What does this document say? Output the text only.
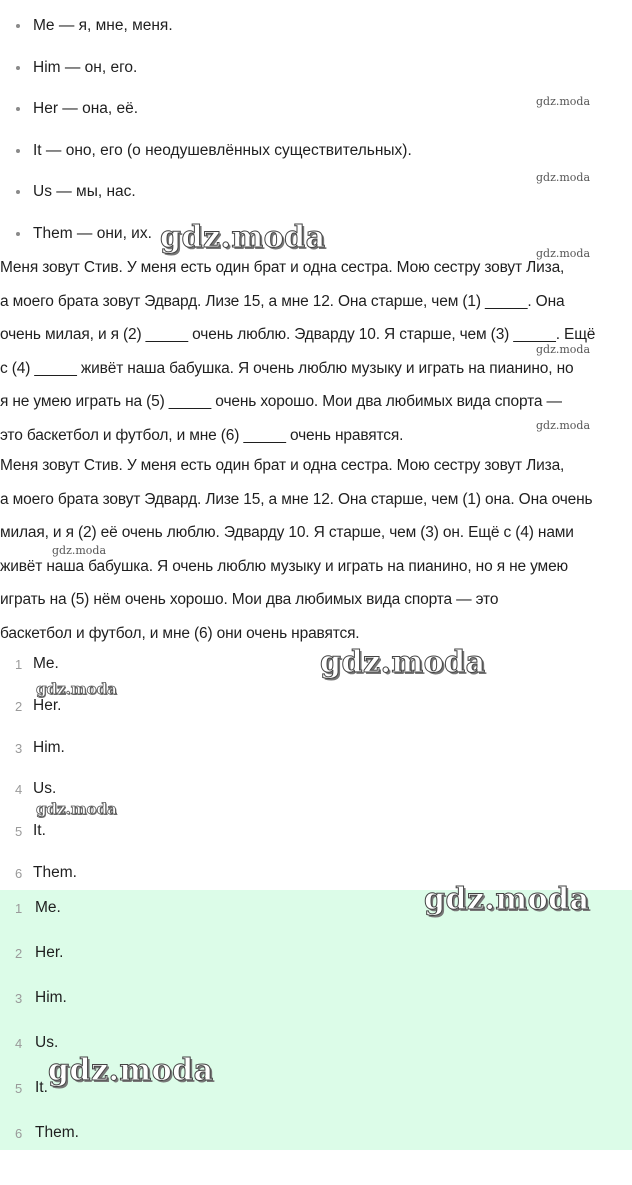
Me — я, мне, меня.
Him — он, его.
Her — она, её.
It — оно, его (о неодушевлённых существительных).
Us — мы, нас.
Them — они, их.
Меня зовут Стив. У меня есть один брат и одна сестра. Мою сестру зовут Лиза,
а моего брата зовут Эдвард. Лизе 15, а мне 12. Она старше, чем (1) _____. Она
очень милая, и я (2) _____ очень люблю. Эдварду 10. Я старше, чем (3) _____. Ещё
с (4) _____ живёт наша бабушка. Я очень люблю музыку и играть на пианино, но
я не умею играть на (5) _____ очень хорошо. Мои два любимых вида спорта —
это баскетбол и футбол, и мне (6) _____ очень нравятся.
Меня зовут Стив. У меня есть один брат и одна сестра. Мою сестру зовут Лиза,
а моего брата зовут Эдвард. Лизе 15, а мне 12. Она старше, чем (1) она. Она очень
милая, и я (2) её очень люблю. Эдварду 10. Я старше, чем (3) он. Ещё с (4) нами
живёт наша бабушка. Я очень люблю музыку и играть на пианино, но я не умею
играть на (5) нём очень хорошо. Мои два любимых вида спорта — это
баскетбол и футбол, и мне (6) они очень нравятся.
1 Me.
2 Her.
3 Him.
4 Us.
5 It.
6 Them.
1 Me.
2 Her.
3 Him.
4 Us.
5 It.
6 Them.
gdz.moda
gdz.moda
gdz.moda	gdz.moda
gdz.moda
gdz.moda
gdz.moda
gdz.moda
gdz.moda
gdz.moda
gdz.moda
gdz.moda
